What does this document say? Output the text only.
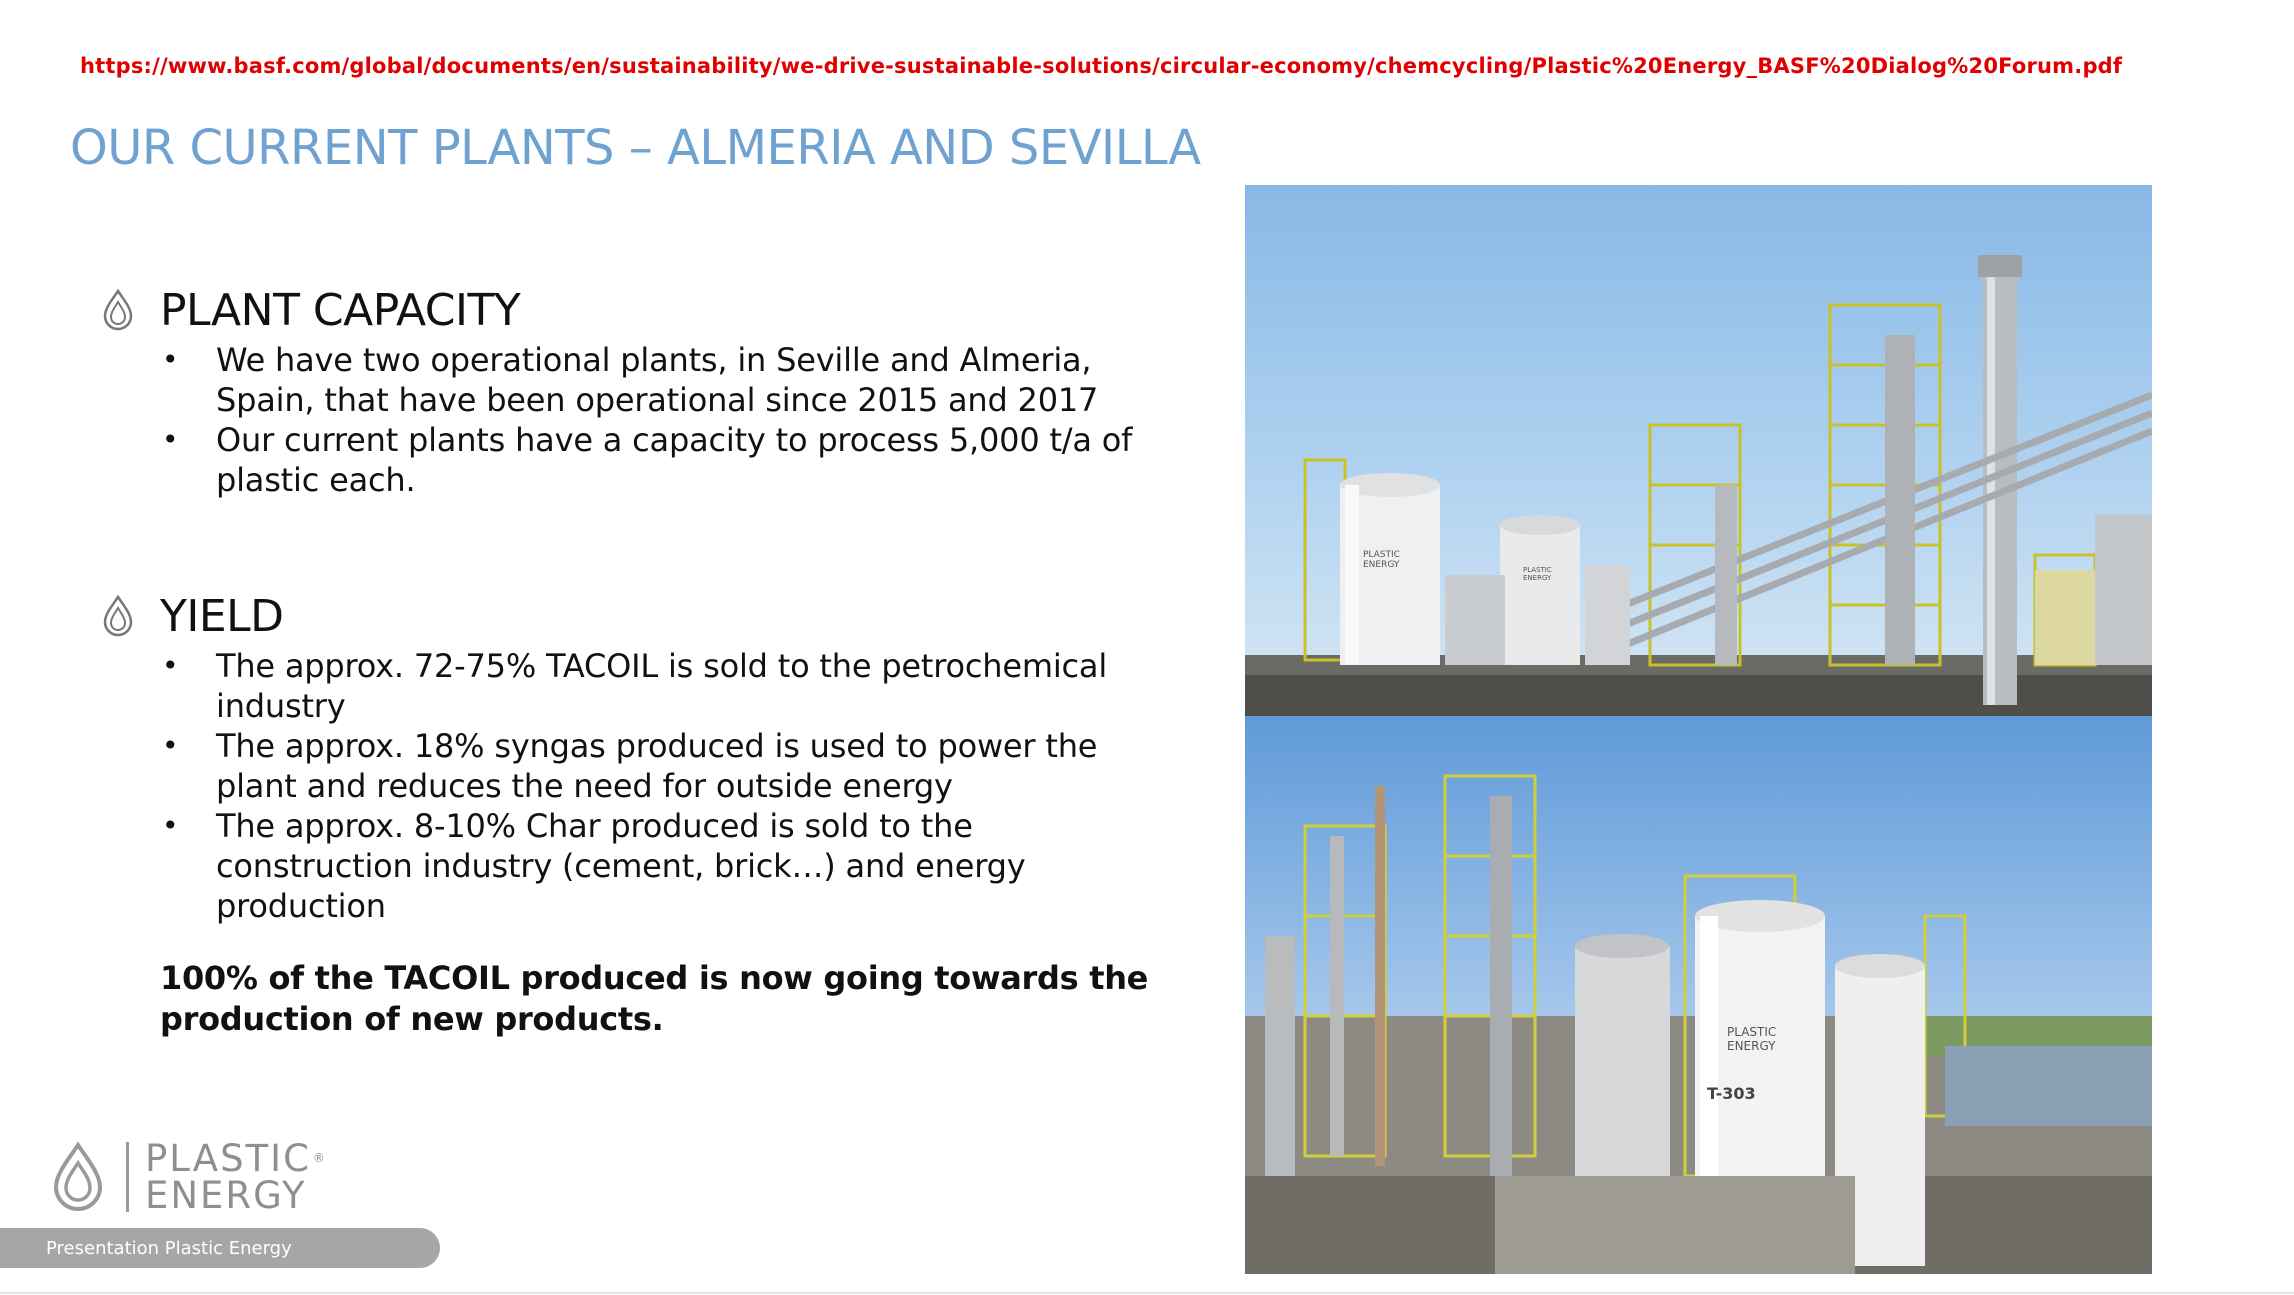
https://www.basf.com/global/documents/en/sustainability/we-drive-sustainable-solutions/circular-economy/chemcycling/Plastic%20Energy_BASF%20Dialog%20Forum.pdf
OUR CURRENT PLANTS – ALMERIA AND SEVILLA
PLANT CAPACITY
• We have two operational plants, in Seville and Almeria, Spain, that have been operational since 2015 and 2017
• Our current plants have a capacity to process 5,000 t/a of plastic each.
YIELD
• The approx. 72-75% TACOIL is sold to the petrochemical industry
• The approx. 18% syngas produced is used to power the plant and reduces the need for outside energy
• The approx. 8-10% Char produced is sold to the construction industry (cement, brick…) and energy production
100% of the TACOIL produced is now going towards the production of new products.
PLASTIC
ENERGY	PLASTIC
ENERGY
PLASTIC
ENERGY
T-303
PLASTIC ®
ENERGY
Presentation Plastic Energy
